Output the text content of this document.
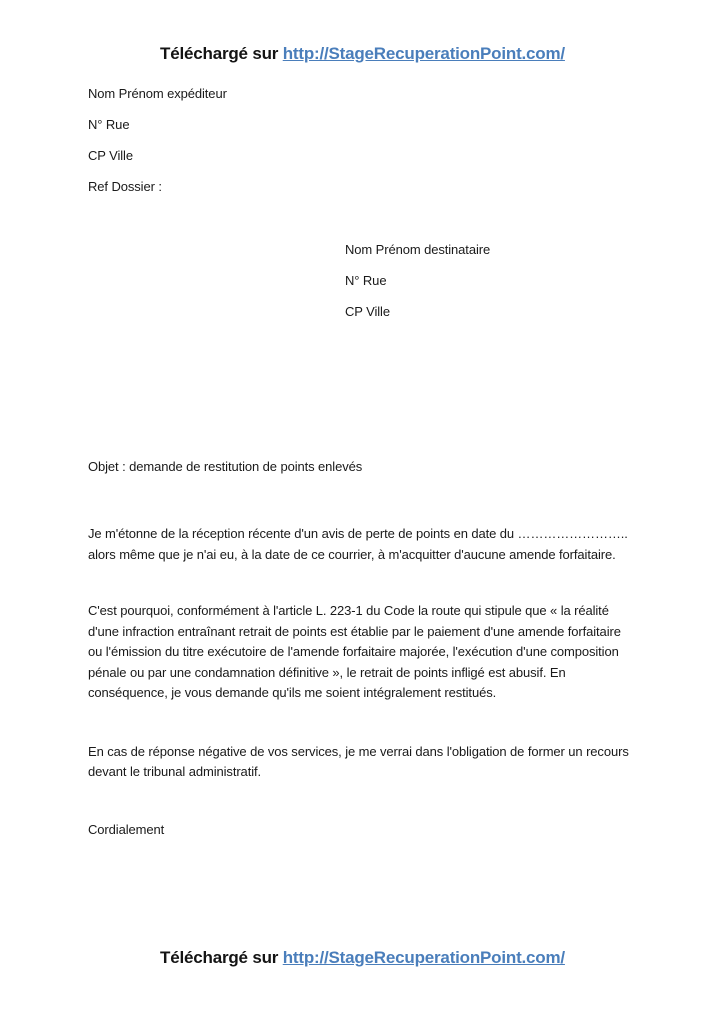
Téléchargé sur http://StageRecuperationPoint.com/

Nom Prénom expéditeur

N° Rue

CP Ville

Ref Dossier :

Nom Prénom destinataire

N° Rue

CP Ville

Objet : demande de restitution de points enlevés

Je m'étonne de la réception récente d'un avis de perte de points en date du …………………….. alors même que je n'ai eu, à la date de ce courrier, à m'acquitter d'aucune amende forfaitaire.

C'est pourquoi, conformément à l'article L. 223-1 du Code la route qui stipule que « la réalité d'une infraction entraînant retrait de points est établie par le paiement d'une amende forfaitaire ou l'émission du titre exécutoire de l'amende forfaitaire majorée, l'exécution d'une composition pénale ou par une condamnation définitive », le retrait de points infligé est abusif. En conséquence, je vous demande qu'ils me soient intégralement restitués.

En cas de réponse négative de vos services, je me verrai dans l'obligation de former un recours devant le tribunal administratif.

Cordialement

Téléchargé sur http://StageRecuperationPoint.com/
